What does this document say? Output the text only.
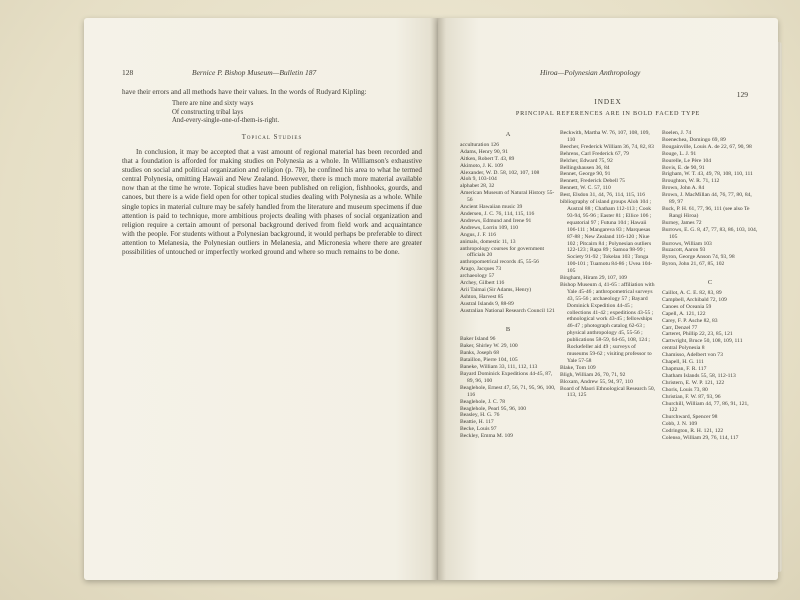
128	Bernice P. Bishop Museum—Bulletin 187

have their errors and all methods have their values. In the words of Rudyard Kipling:

There are nine and sixty ways
Of constructing tribal lays
And-every-single-one-of-them-is-right.
Topical Studies

In conclusion, it may be accepted that a vast amount of regional material has been recorded and that a foundation is afforded for making studies on Polynesia as a whole. In Williamson's exhaustive studies on social and political organization and religion (p. 78), he confined his area to what he termed central Polynesia, omitting Hawaii and New Zealand. However, there is much more material available now than at the time he wrote. Topical studies have been published on religion, fishhooks, gourds, and canoes, but there is a wide field open for other topical studies dealing with Polynesia as a whole. While single topics in material culture may be safely handled from the literature and museum specimens if due attention is paid to technique, more ambitious projects dealing with phases of social organization and religion require a certain amount of personal background derived from field work and acquaintance with the people. For students without a Polynesian background, it would perhaps be preferable to direct attention to Melanesia, the Polynesian outliers in Melanesia, and Micronesia where there are greater possibilities of untouched or imperfectly worked ground and where so much remains to be done.

Hiroa—Polynesian Anthropology
129
INDEX
PRINCIPAL REFERENCES ARE IN BOLD FACED TYPE
A
acculturation 126
Adams, Henry 90, 91
Aitken, Robert T. 43, 89
Akimoto, J. K. 109
Alexander, W. D. 58, 102, 107, 108
Aloh 9, 103-104
alphabet 28, 32
American Museum of Natural History 55-56
Ancient Hawaiian music 39
Andersen, J. C. 76, 114, 115, 116
Andrews, Edmund and Irene 91
Andrews, Lorrin 109, 110
Angus, J. F. 116
animals, domestic 11, 13
anthropology courses for government officials 20
anthropometrical records 45, 55-56
Arago, Jacques 73
archaeology 57
Archey, Gilbert 116
Arii Taimai (Sir Adams, Henry)
Ashton, Harvest 85
Austral Islands 9, 88-89
Australian National Research Council 121
B
Baker Island 96
Baker, Shirley W. 29, 100
Banks, Joseph 68
Bataillon, Pierre 104, 105
Baneke, William 33, 111, 112, 113
Bayard Dominick Expeditions 44-45, 87, 89, 96, 100
Beaglehole, Ernest 47, 56, 71, 95, 96, 100, 116
Beaglehole, J. C. 78
Beaglehole, Pearl 95, 96, 100
Beasley, H. G. 76
Beattie, H. 117
Becke, Louis 97
Beckley, Emma M. 109
Beckwith, Martha W. 76, 107, 108, 109, 110
Beecher, Frederick William 36, 74, 82, 83
Behrens, Carl Frederick 67, 79
Belcher, Edward 75, 92
Bellingshausen 36, 84
Bennet, George 90, 91
Bennett, Frederick Debell 75
Bennett, W. C. 57, 110
Best, Elsdon 31, 44, 76, 114, 115, 116
bibliography of island groups Aloh 104 ; Austral 88 ; Chatham 112-113 ; Cook 93-94, 95-96 ; Easter 81 ; Ellice 106 ; equatorial 97 ; Futuna 104 ; Hawaii 106-111 ; Mangareva 83 ; Marquesas 87-88 ; New Zealand 116-120 ; Niue 102 ; Pitcairn 84 ; Polynesian outliers 122-123 ; Rapa 89 ; Samoa 98-99 ; Society 91-92 ; Tokelau 103 ; Tonga 100-101 ; Tuamotu 84-86 ; Uvea 104-105
Bingham, Hiram 29, 107, 109
Bishop Museum 4, 41-65 : affiliation with Yale 45-46 ; anthropometrical surveys 43, 55-56 ; archaeology 57 ; Bayard Dominick Expedition 44-45 ; collections 41-42 ; expeditions 43-55 ; ethnological work 43-45 ; fellowships 46-47 ; photograph catalog 62-63 ; physical anthropology 45, 55-56 ; publications 58-59, 64-65, 108, 124 ; Rockefeller aid 49 ; surveys of museums 59-62 ; visiting professor to Yale 57-58
Blake, Tom 109
Bligh, William 26, 70, 71, 92
Bloxam, Andrew 55, 94, 97, 110
Board of Maori Ethnological Research 50, 113, 125
Boelen, J. 74
Boenechea, Domingo 69, 89
Bougainville, Louis A. de 22, 67, 90, 98
Bouge, L. J. 91
Bourelle, Le Père 104
Bovis, E. de 90, 91
Brigham, W. T. 43, 49, 78, 108, 110, 111
Broughton, W. R. 71, 112
Brown, John A. 84
Brown, J. MacMillan 44, 76, 77, 80, 84, 89, 97
Buck, P. H. 61, 77, 96, 111 (see also Te Rangi Hiroa)
Burney, James 72
Burrows, E. G. 8, 47, 77, 83, 86, 103, 104, 105
Burrows, William 103
Buzacott, Aaron 93
Byron, George Anson 74, 93, 98
Byron, John 21, 67, 85, 102
C
Caillot, A. C. E. 82, 83, 89
Campbell, Archibald 72, 109
Canoes of Oceania 59
Capell, A. 121, 122
Carey, F. P. Asche 82, 83
Carr, Denzel 77
Carteret, Phillip 22, 23, 85, 121
Cartwright, Bruce 50, 108, 109, 111
central Polynesia 8
Chamisso, Adelbert von 73
Chapell, H. G. 111
Chapman, F. R. 117
Chatham Islands 55, 58, 112-113
Christern, E. W. P. 121, 122
Choris, Louis 73, 80
Christian, F. W. 87, 93, 96
Churchill, William 44, 77, 86, 91, 121, 122
Churchward, Spencer 98
Cobb, J. N. 109
Codrington, R. H. 121, 122
Colenso, William 29, 76, 114, 117
